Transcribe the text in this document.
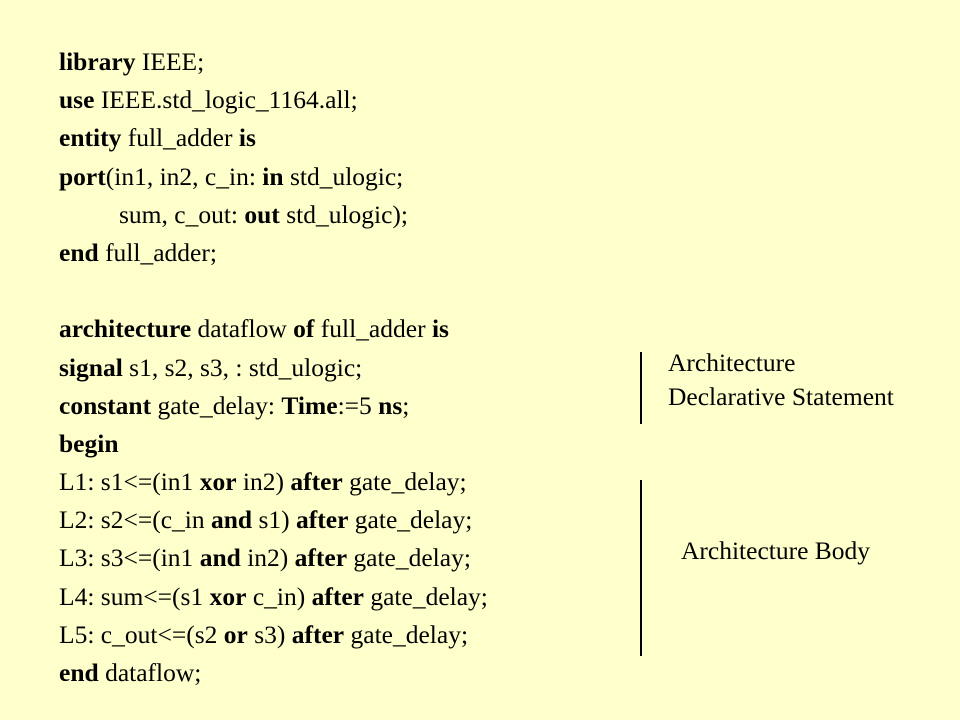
library IEEE;
use IEEE.std_logic_1164.all;
entity full_adder is
port(in1, in2, c_in: in std_ulogic;
sum, c_out: out std_ulogic);
end full_adder;
architecture dataflow of full_adder is
signal s1, s2, s3, : std_ulogic;
constant gate_delay: Time:=5 ns;
begin
L1: s1<=(in1 xor in2) after gate_delay;
L2: s2<=(c_in and s1) after gate_delay;
L3: s3<=(in1 and in2) after gate_delay;
L4: sum<=(s1 xor c_in) after gate_delay;
L5: c_out<=(s2 or s3) after gate_delay;
end dataflow;
Architecture
Declarative Statement
Architecture Body
